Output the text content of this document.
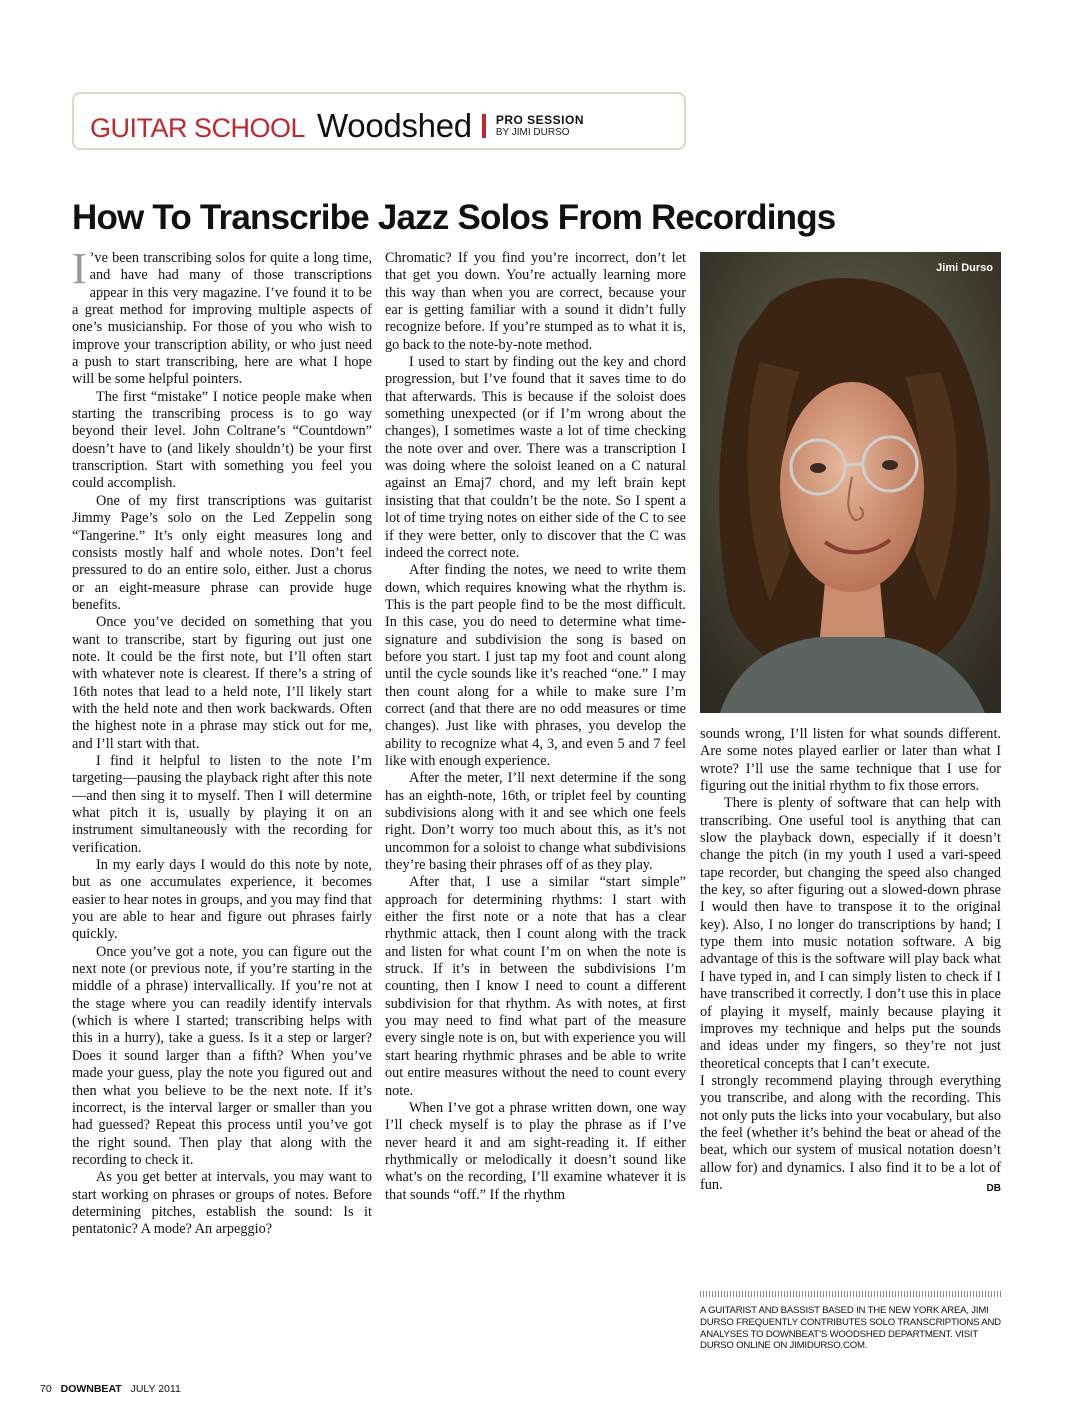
GUITAR SCHOOL Woodshed PRO SESSION
BY JIMI DURSO
How To Transcribe Jazz Solos From Recordings

I ’ve been transcribing solos for quite a long time, and have had many of those transcriptions appear in this very magazine. I’ve found it to be a great method for improving multiple aspects of one’s musicianship. For those of you who wish to improve your transcription ability, or who just need a push to start transcribing, here are what I hope will be some helpful pointers.

The first “mistake” I notice people make when starting the transcribing process is to go way beyond their level. John Coltrane’s “Countdown” doesn’t have to (and likely shouldn’t) be your first transcription. Start with something you feel you could accomplish.

One of my first transcriptions was guitarist Jimmy Page’s solo on the Led Zeppelin song “Tangerine.” It’s only eight measures long and consists mostly half and whole notes. Don’t feel pressured to do an entire solo, either. Just a chorus or an eight-measure phrase can provide huge benefits.

Once you’ve decided on something that you want to transcribe, start by figuring out just one note. It could be the first note, but I’ll often start with whatever note is clearest. If there’s a string of 16th notes that lead to a held note, I’ll likely start with the held note and then work backwards. Often the highest note in a phrase may stick out for me, and I’ll start with that.

I find it helpful to listen to the note I’m targeting—pausing the playback right after this note—and then sing it to myself. Then I will determine what pitch it is, usually by playing it on an instrument simultaneously with the recording for verification.

In my early days I would do this note by note, but as one accumulates experience, it becomes easier to hear notes in groups, and you may find that you are able to hear and figure out phrases fairly quickly.

Once you’ve got a note, you can figure out the next note (or previous note, if you’re starting in the middle of a phrase) intervallically. If you’re not at the stage where you can readily identify intervals (which is where I started; transcribing helps with this in a hurry), take a guess. Is it a step or larger? Does it sound larger than a fifth? When you’ve made your guess, play the note you figured out and then what you believe to be the next note. If it’s incorrect, is the interval larger or smaller than you had guessed? Repeat this process until you’ve got the right sound. Then play that along with the recording to check it.

As you get better at intervals, you may want to start working on phrases or groups of notes. Before determining pitches, establish the sound: Is it pentatonic? A mode? An arpeggio?

Chromatic? If you find you’re incorrect, don’t let that get you down. You’re actually learning more this way than when you are correct, because your ear is getting familiar with a sound it didn’t fully recognize before. If you’re stumped as to what it is, go back to the note-by-note method.

I used to start by finding out the key and chord progression, but I’ve found that it saves time to do that afterwards. This is because if the soloist does something unexpected (or if I’m wrong about the changes), I sometimes waste a lot of time checking the note over and over. There was a transcription I was doing where the soloist leaned on a C natural against an Emaj7 chord, and my left brain kept insisting that that couldn’t be the note. So I spent a lot of time trying notes on either side of the C to see if they were better, only to discover that the C was indeed the correct note.

After finding the notes, we need to write them down, which requires knowing what the rhythm is. This is the part people find to be the most difficult. In this case, you do need to determine what time-signature and subdivision the song is based on before you start. I just tap my foot and count along until the cycle sounds like it’s reached “one.” I may then count along for a while to make sure I’m correct (and that there are no odd measures or time changes). Just like with phrases, you develop the ability to recognize what 4, 3, and even 5 and 7 feel like with enough experience.

After the meter, I’ll next determine if the song has an eighth-note, 16th, or triplet feel by counting subdivisions along with it and see which one feels right. Don’t worry too much about this, as it’s not uncommon for a soloist to change what subdivisions they’re basing their phrases off of as they play.

After that, I use a similar “start simple” approach for determining rhythms: I start with either the first note or a note that has a clear rhythmic attack, then I count along with the track and listen for what count I’m on when the note is struck. If it’s in between the subdivisions I’m counting, then I know I need to count a different subdivision for that rhythm. As with notes, at first you may need to find what part of the measure every single note is on, but with experience you will start hearing rhythmic phrases and be able to write out entire measures without the need to count every note.

When I’ve got a phrase written down, one way I’ll check myself is to play the phrase as if I’ve never heard it and am sight-reading it. If either rhythmically or melodically it doesn’t sound like what’s on the recording, I’ll examine whatever it is that sounds “off.” If the rhythm

Jimi Durso

sounds wrong, I’ll listen for what sounds different. Are some notes played earlier or later than what I wrote? I’ll use the same technique that I use for figuring out the initial rhythm to fix those errors.

There is plenty of software that can help with transcribing. One useful tool is anything that can slow the playback down, especially if it doesn’t change the pitch (in my youth I used a vari-speed tape recorder, but changing the speed also changed the key, so after figuring out a slowed-down phrase I would then have to transpose it to the original key). Also, I no longer do transcriptions by hand; I type them into music notation software. A big advantage of this is the software will play back what I have typed in, and I can simply listen to check if I have transcribed it correctly. I don’t use this in place of playing it myself, mainly because playing it improves my technique and helps put the sounds and ideas under my fingers, so they’re not just theoretical concepts that I can’t execute.

I strongly recommend playing through everything you transcribe, and along with the recording. This not only puts the licks into your vocabulary, but also the feel (whether it’s behind the beat or ahead of the beat, which our system of musical notation doesn’t allow for) and dynamics. I also find it to be a lot of fun.	DB

A GUITARIST AND BASSIST BASED IN THE NEW YORK AREA, JIMI DURSO FREQUENTLY CONTRIBUTES SOLO TRANSCRIPTIONS AND ANALYSES TO DOWNBEAT’S WOODSHED DEPARTMENT. VISIT DURSO ONLINE ON JIMIDURSO.COM.
70 DOWNBEAT JULY 2011
